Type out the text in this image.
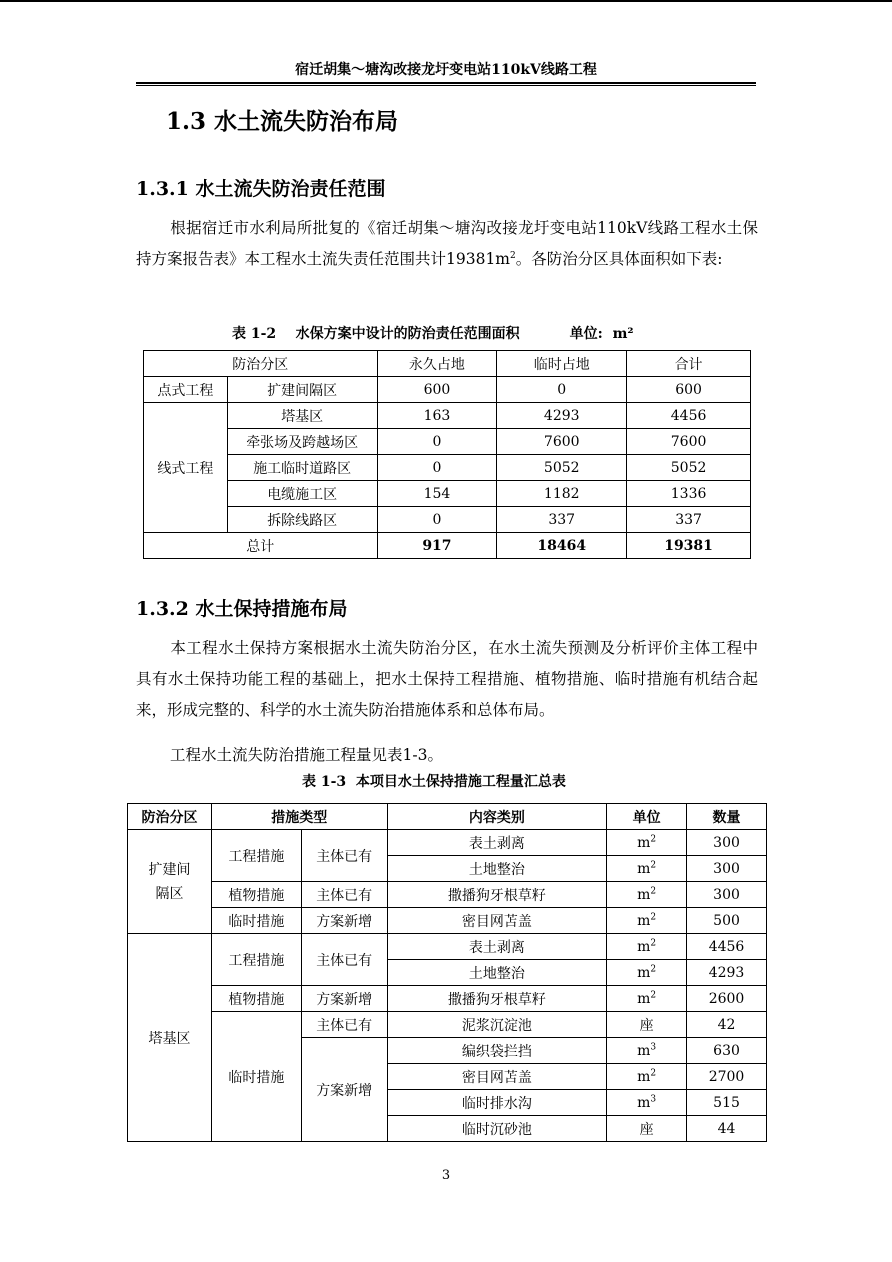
宿迁胡集～塘沟改接龙圩变电站110kV线路工程
1.3 水土流失防治布局
1.3.1 水土流失防治责任范围

根据宿迁市水利局所批复的《宿迁胡集～塘沟改接龙圩变电站110kV线路工程水土保持方案报告表》本工程水土流失责任范围共计$19381m^2$。各防治分区具体面积如下表:

表 1-2    水保方案中设计的防治责任范围面积	单位:  m²
防治分区		永久占地	临时占地	合计
点式工程	扩建间隔区	600	0	600
线式工程	塔基区	163	4293	4456
	牵张场及跨越场区	0	7600	7600
	施工临时道路区	0	5052	5052
	电缆施工区	154	1182	1336
	拆除线路区	0	337	337
总计		917	18464	19381
1.3.2 水土保持措施布局

本工程水土保持方案根据水土流失防治分区，在水土流失预测及分析评价主体工程中具有水土保持功能工程的基础上，把水土保持工程措施、植物措施、临时措施有机结合起来，形成完整的、科学的水土流失防治措施体系和总体布局。

工程水土流失防治措施工程量见表1-3。

表 1-3  本项目水土保持措施工程量汇总表
防治分区	措施类型		内容类别	单位	数量
扩建间隔区	工程措施	主体已有	表土剥离	$m^2$	300
			土地整治	$m^2$	300
	植物措施	主体已有	撒播狗牙根草籽	$m^2$	300
	临时措施	方案新增	密目网苫盖	$m^2$	500
塔基区	工程措施	主体已有	表土剥离	$m^2$	4456
			土地整治	$m^2$	4293
	植物措施	方案新增	撒播狗牙根草籽	$m^2$	2600
	临时措施	主体已有	泥浆沉淀池	座	42
		方案新增	编织袋拦挡	$m^3$	630
			密目网苫盖	$m^2$	2700
			临时排水沟	$m^3$	515
			临时沉砂池	座	44
3
